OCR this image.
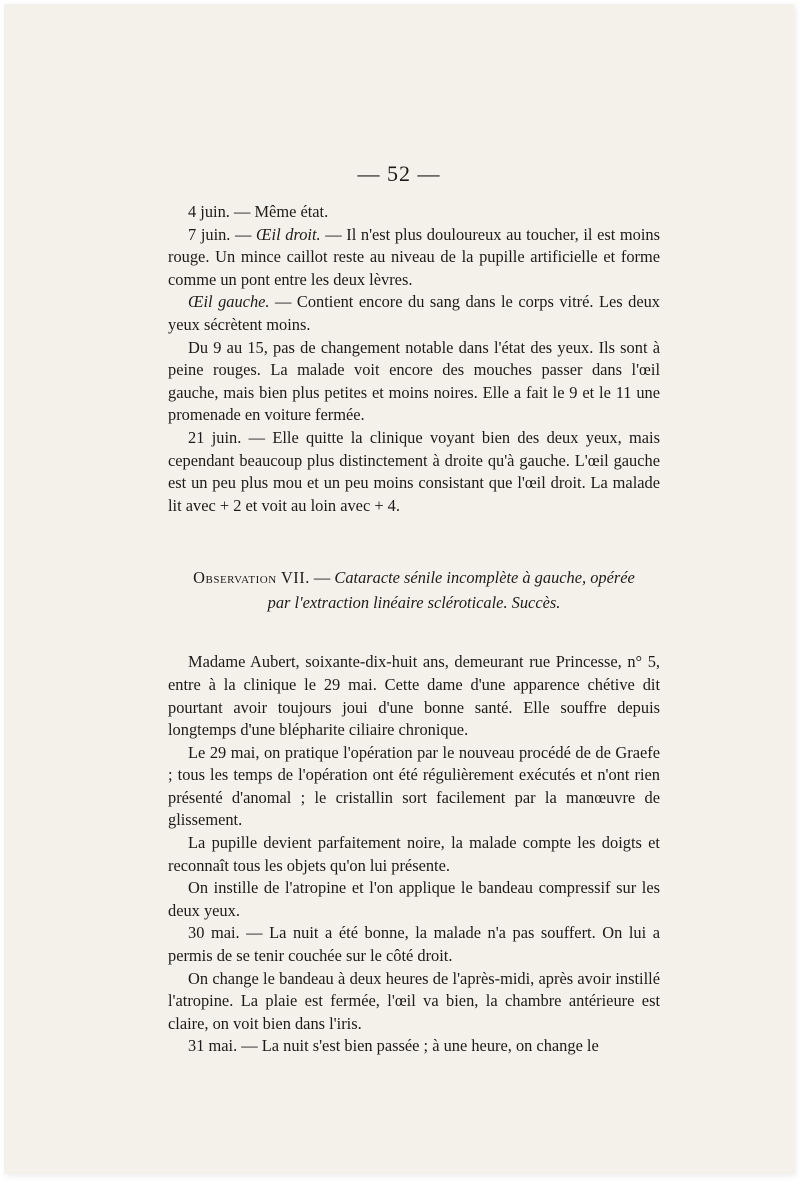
— 52 —

4 juin. — Même état.

7 juin. — Œil droit. — Il n'est plus douloureux au toucher, il est moins rouge. Un mince caillot reste au niveau de la pupille artificielle et forme comme un pont entre les deux lèvres.

Œil gauche. — Contient encore du sang dans le corps vitré. Les deux yeux sécrètent moins.

Du 9 au 15, pas de changement notable dans l'état des yeux. Ils sont à peine rouges. La malade voit encore des mouches passer dans l'œil gauche, mais bien plus petites et moins noires. Elle a fait le 9 et le 11 une promenade en voiture fermée.

21 juin. — Elle quitte la clinique voyant bien des deux yeux, mais cependant beaucoup plus distinctement à droite qu'à gauche. L'œil gauche est un peu plus mou et un peu moins consistant que l'œil droit. La malade lit avec + 2 et voit au loin avec + 4.

Observation VII. — Cataracte sénile incomplète à gauche, opérée
par l'extraction linéaire scléroticale. Succès.

Madame Aubert, soixante-dix-huit ans, demeurant rue Princesse, n° 5, entre à la clinique le 29 mai. Cette dame d'une apparence chétive dit pourtant avoir toujours joui d'une bonne santé. Elle souffre depuis longtemps d'une blépharite ciliaire chronique.

Le 29 mai, on pratique l'opération par le nouveau procédé de de Graefe ; tous les temps de l'opération ont été régulièrement exécutés et n'ont rien présenté d'anomal ; le cristallin sort facilement par la manœuvre de glissement.

La pupille devient parfaitement noire, la malade compte les doigts et reconnaît tous les objets qu'on lui présente.

On instille de l'atropine et l'on applique le bandeau compressif sur les deux yeux.

30 mai. — La nuit a été bonne, la malade n'a pas souffert. On lui a permis de se tenir couchée sur le côté droit.

On change le bandeau à deux heures de l'après-midi, après avoir instillé l'atropine. La plaie est fermée, l'œil va bien, la chambre antérieure est claire, on voit bien dans l'iris.

31 mai. — La nuit s'est bien passée ; à une heure, on change le
